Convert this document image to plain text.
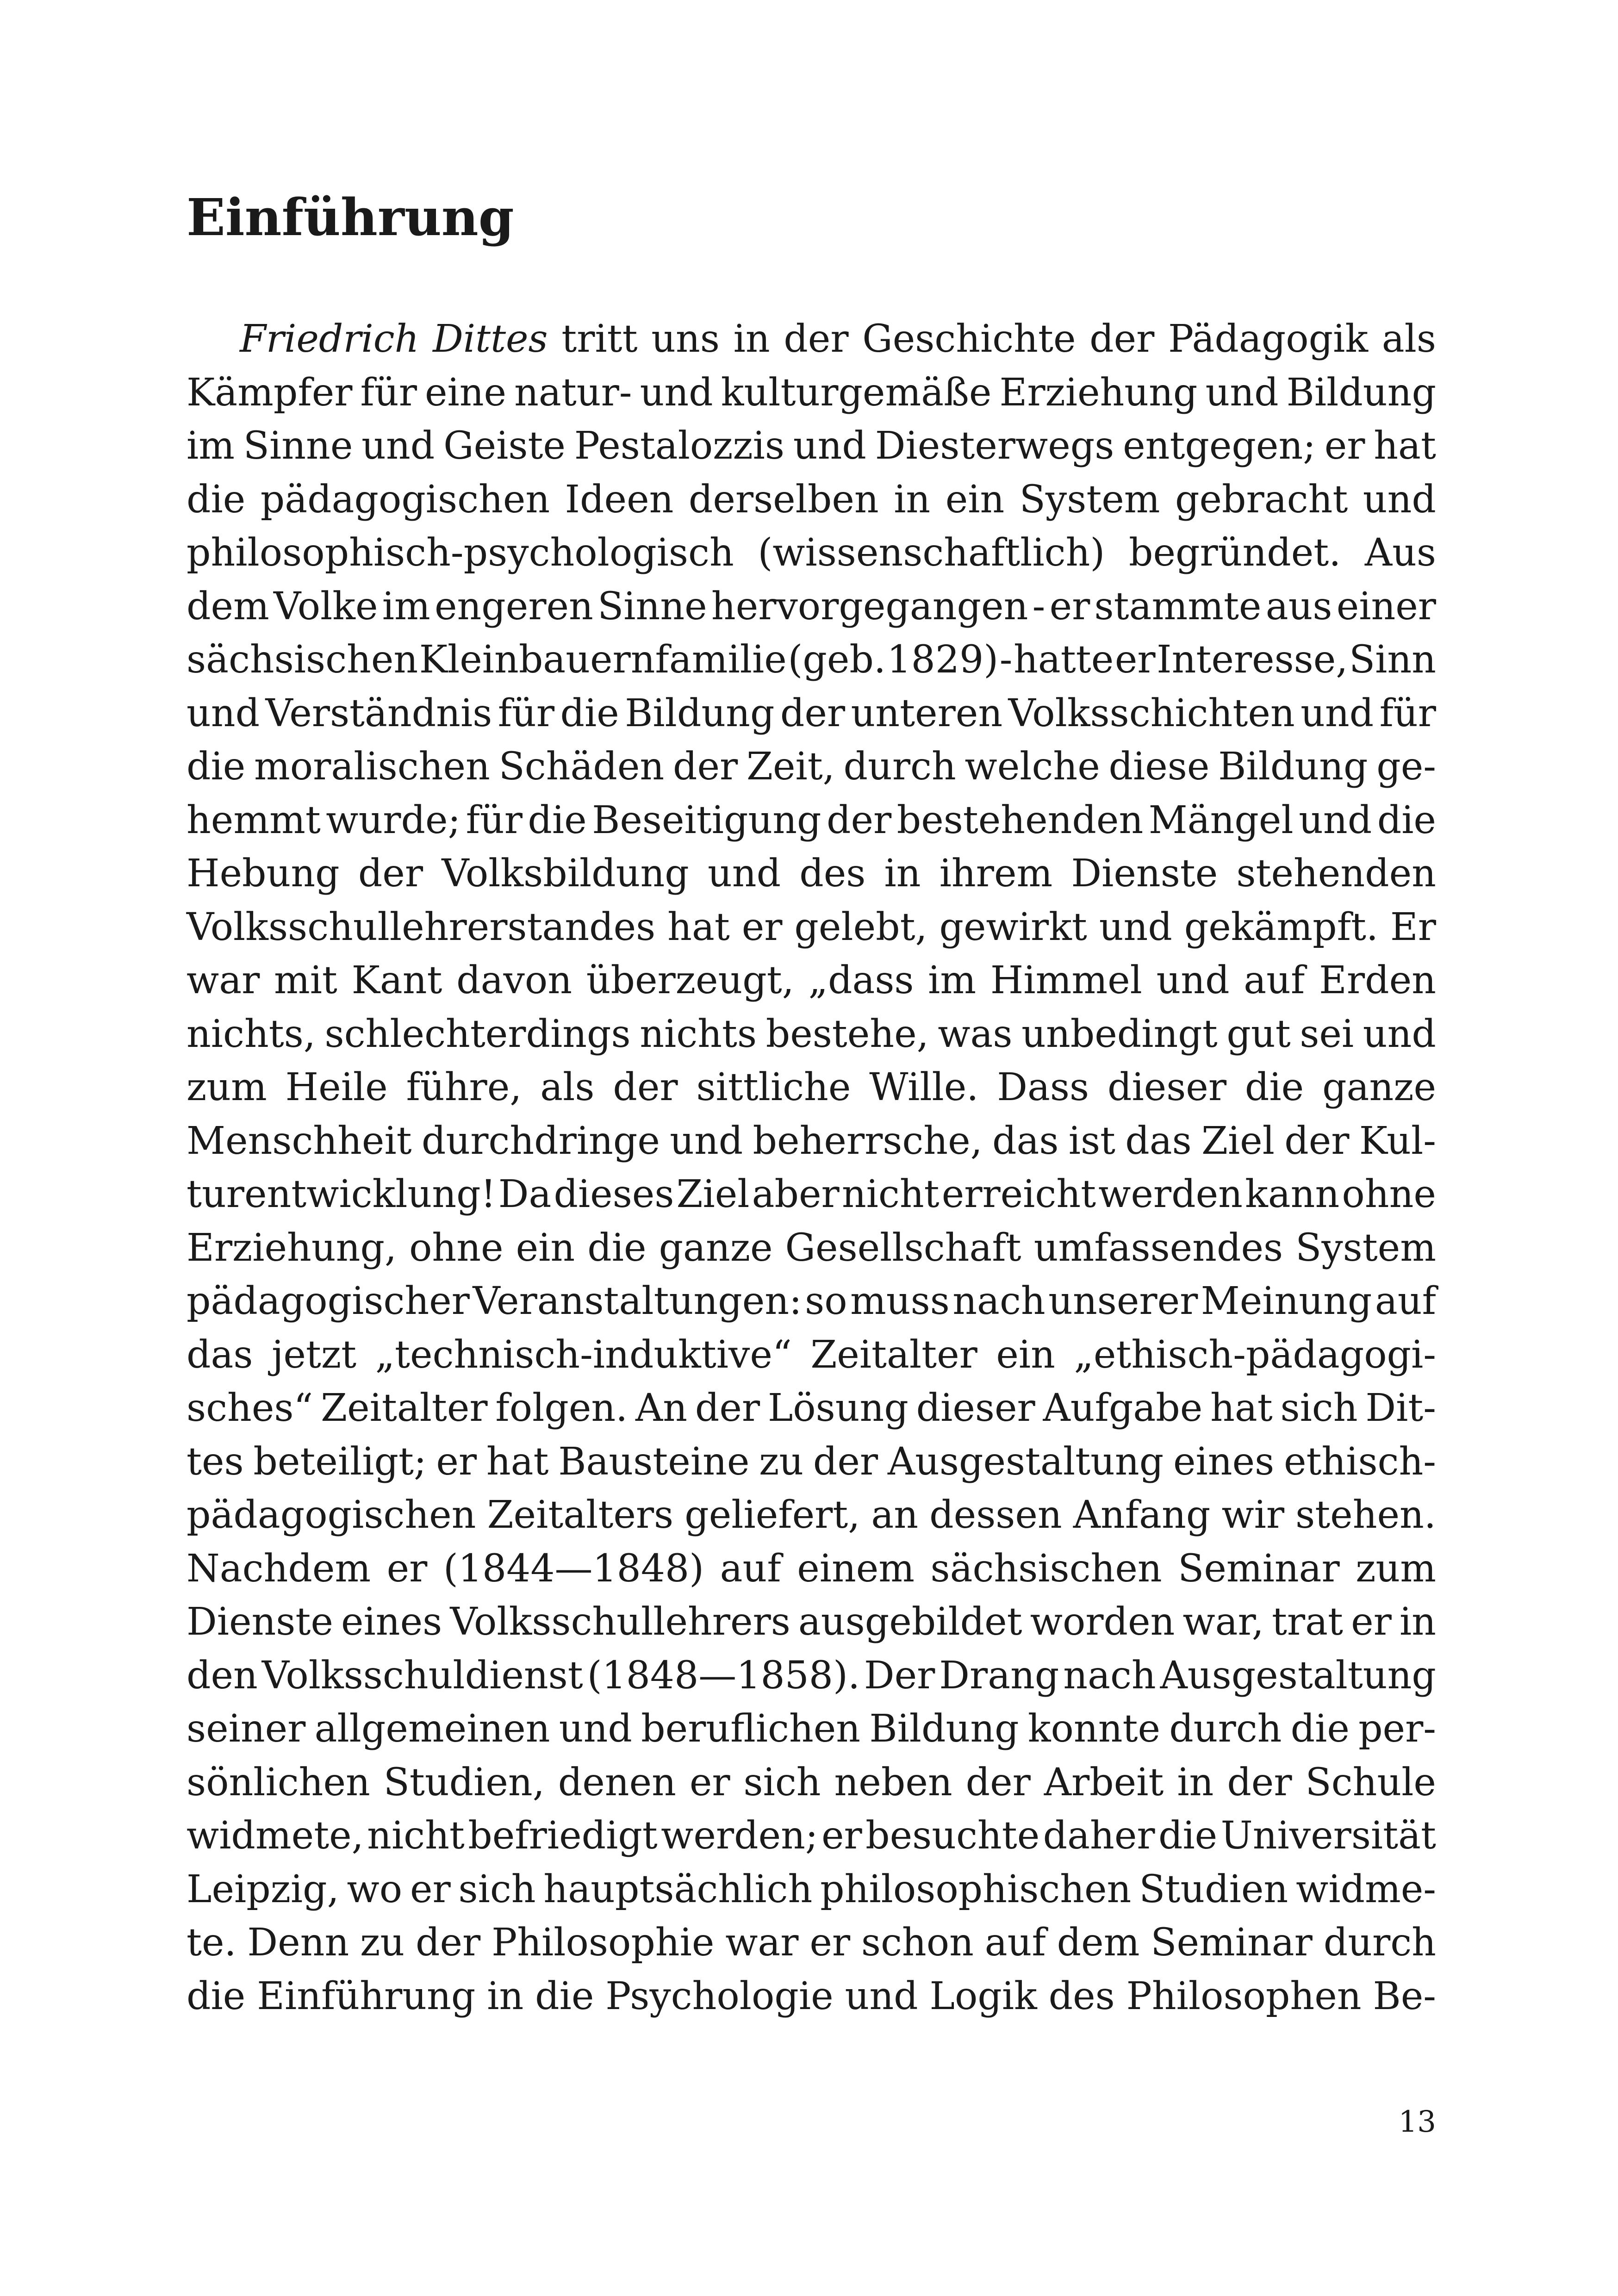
Einführung
Friedrich Dittes tritt uns in der Geschichte der Pädagogik als
Kämpfer für eine natur- und kulturgemäße Erziehung und Bildung
im Sinne und Geiste Pestalozzis und Diesterwegs entgegen; er hat
die pädagogischen Ideen derselben in ein System gebracht und
philosophisch-psychologisch (wissenschaftlich) begründet. Aus
dem Volke im engeren Sinne hervorgegangen - er stammte aus einer
sächsischen Kleinbauernfamilie (geb. 1829) - hatte er Interesse, Sinn
und Verständnis für die Bildung der unteren Volksschichten und für
die moralischen Schäden der Zeit, durch welche diese Bildung ge-
hemmt wurde; für die Beseitigung der bestehenden Mängel und die
Hebung der Volksbildung und des in ihrem Dienste stehenden
Volksschullehrerstandes hat er gelebt, gewirkt und gekämpft. Er
war mit Kant davon überzeugt, „dass im Himmel und auf Erden
nichts, schlechterdings nichts bestehe, was unbedingt gut sei und
zum Heile führe, als der sittliche Wille. Dass dieser die ganze
Menschheit durchdringe und beherrsche, das ist das Ziel der Kul-
turentwicklung! Da dieses Ziel aber nicht erreicht werden kann ohne
Erziehung, ohne ein die ganze Gesellschaft umfassendes System
pädagogischer Veranstaltungen: so muss nach unserer Meinung auf
das jetzt „technisch-induktive“ Zeitalter ein „ethisch-pädagogi-
sches“ Zeitalter folgen. An der Lösung dieser Aufgabe hat sich Dit-
tes beteiligt; er hat Bausteine zu der Ausgestaltung eines ethisch-
pädagogischen Zeitalters geliefert, an dessen Anfang wir stehen.
Nachdem er (1844—1848) auf einem sächsischen Seminar zum
Dienste eines Volksschullehrers ausgebildet worden war, trat er in
den Volksschuldienst (1848—1858). Der Drang nach Ausgestaltung
seiner allgemeinen und beruflichen Bildung konnte durch die per-
sönlichen Studien, denen er sich neben der Arbeit in der Schule
widmete, nicht befriedigt werden; er besuchte daher die Universität
Leipzig, wo er sich hauptsächlich philosophischen Studien widme-
te. Denn zu der Philosophie war er schon auf dem Seminar durch
die Einführung in die Psychologie und Logik des Philosophen Be-
13
